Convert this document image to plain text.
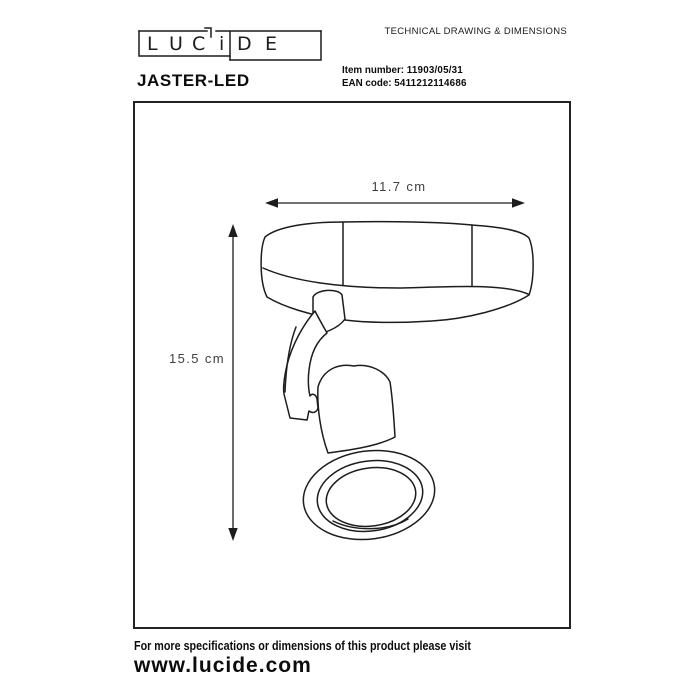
L U C i D E
JASTER-LED
TECHNICAL DRAWING & DIMENSIONS
Item number: 11903/05/31
EAN code: 5411212114686
11.7 cm
15.5 cm
For more specifications or dimensions of this product please visit
www.lucide.com
